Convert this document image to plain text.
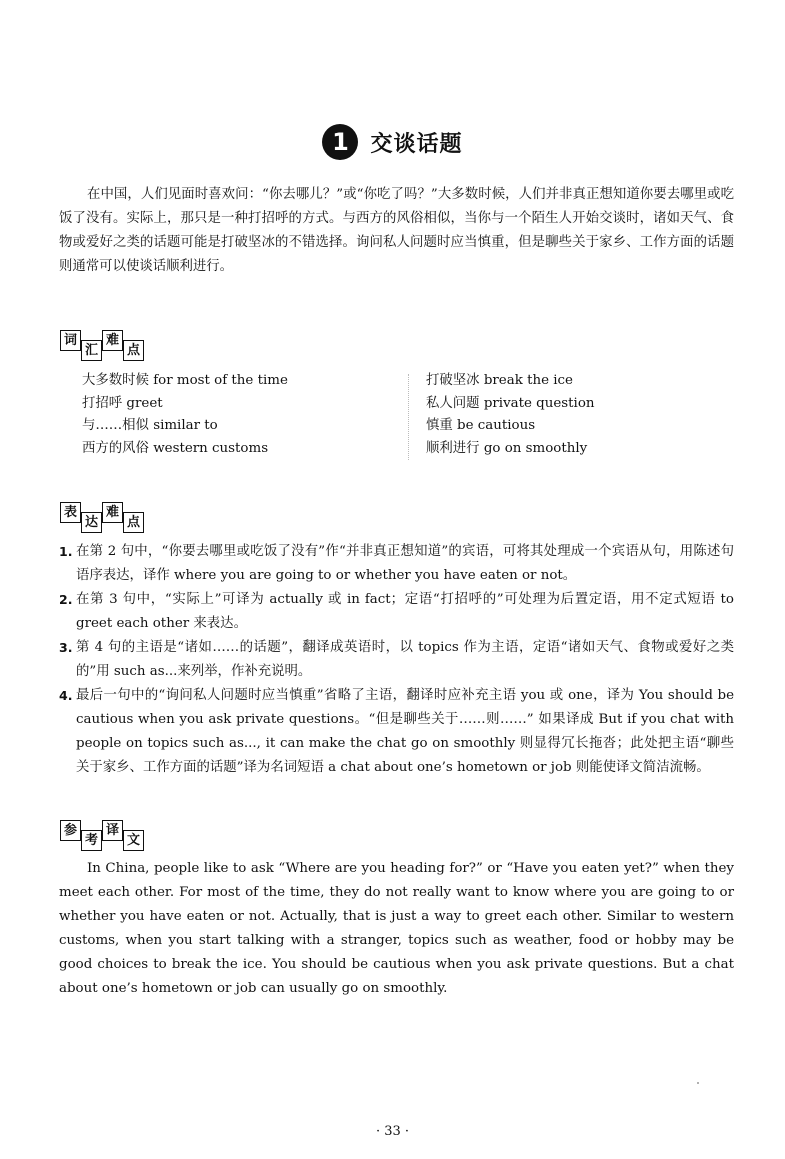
1 交谈话题
在中国，人们见面时喜欢问：“你去哪儿？”或“你吃了吗？”大多数时候，人们并非真正想知道你要去哪里或吃饭了没有。实际上，那只是一种打招呼的方式。与西方的风俗相似，当你与一个陌生人开始交谈时，诸如天气、食物或爱好之类的话题可能是打破坚冰的不错选择。询问私人问题时应当慎重，但是聊些关于家乡、工作方面的话题则通常可以使谈话顺利进行。
词
汇
难
点
大多数时候 for most of the time
打招呼 greet
与……相似 similar to
西方的风俗 western customs
打破坚冰 break the ice
私人问题 private question
慎重 be cautious
顺利进行 go on smoothly
表
达
难
点
1. 在第 2 句中，“你要去哪里或吃饭了没有”作“并非真正想知道”的宾语，可将其处理成一个宾语从句，用陈述句语序表达，译作 where you are going to or whether you have eaten or not。
2. 在第 3 句中，“实际上”可译为 actually 或 in fact；定语“打招呼的”可处理为后置定语，用不定式短语 to greet each other 来表达。
3. 第 4 句的主语是“诸如……的话题”，翻译成英语时，以 topics 作为主语，定语“诸如天气、食物或爱好之类的”用 such as...来列举，作补充说明。
4. 最后一句中的“询问私人问题时应当慎重”省略了主语，翻译时应补充主语 you 或 one，译为 You should be cautious when you ask private questions。“但是聊些关于……则……” 如果译成 But if you chat with people on topics such as..., it can make the chat go on smoothly 则显得冗长拖沓；此处把主语“聊些关于家乡、工作方面的话题”译为名词短语 a chat about one’s hometown or job 则能使译文简洁流畅。
参
考
译
文
In China, people like to ask “Where are you heading for?” or “Have you eaten yet?” when they meet each other. For most of the time, they do not really want to know where you are going to or whether you have eaten or not. Actually, that is just a way to greet each other. Similar to western customs, when you start talking with a stranger, topics such as weather, food or hobby may be good choices to break the ice. You should be cautious when you ask private questions. But a chat about one’s hometown or job can usually go on smoothly.
· 33 ·
